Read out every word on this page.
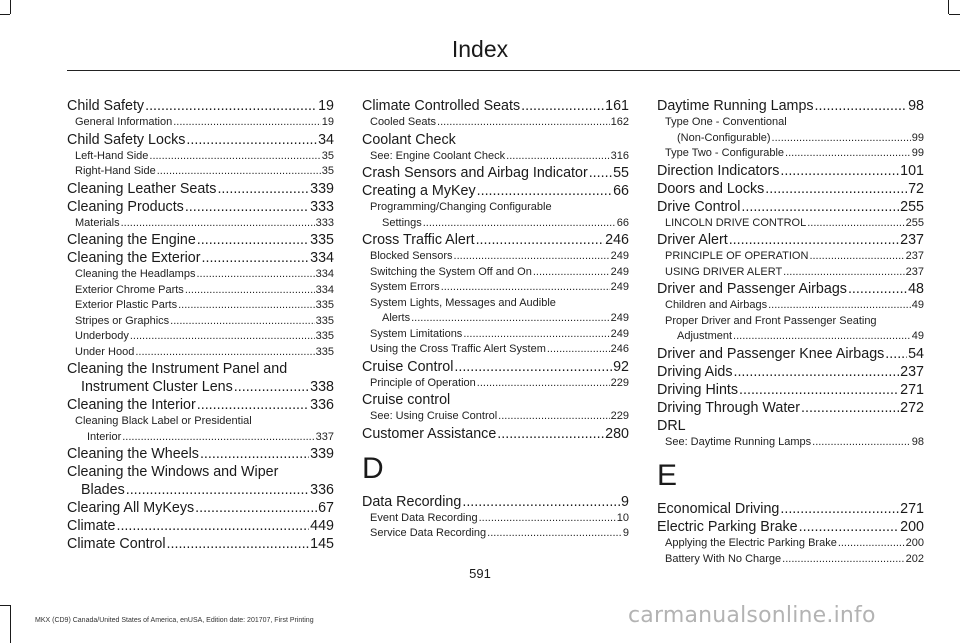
Index
Child Safety .....	19
General Information .....	19
Child Safety Locks .....	34
Left-Hand Side .....	35
Right-Hand Side .....	35
Cleaning Leather Seats .....	339
Cleaning Products .....	333
Materials .....	333
Cleaning the Engine .....	335
Cleaning the Exterior .....	334
Cleaning the Headlamps .....	334
Exterior Chrome Parts .....	334
Exterior Plastic Parts .....	335
Stripes or Graphics .....	335
Underbody .....	335
Under Hood .....	335
Cleaning the Instrument Panel and
Instrument Cluster Lens .....	338
Cleaning the Interior .....	336
Cleaning Black Label or Presidential
Interior .....	337
Cleaning the Wheels .....	339
Cleaning the Windows and Wiper
Blades .....	336
Clearing All MyKeys .....	67
Climate .....	449
Climate Control .....	145
Climate Controlled Seats .....	161
Cooled Seats .....	162
Coolant Check
See: Engine Coolant Check .....	316
Crash Sensors and Airbag Indicator .....	55
Creating a MyKey .....	66
Programming/Changing Configurable
Settings .....	66
Cross Traffic Alert .....	246
Blocked Sensors .....	249
Switching the System Off and On .....	249
System Errors .....	249
System Lights, Messages and Audible
Alerts .....	249
System Limitations .....	249
Using the Cross Traffic Alert System .....	246
Cruise Control .....	92
Principle of Operation .....	229
Cruise control
See: Using Cruise Control .....	229
Customer Assistance .....	280
D
Data Recording .....	9
Event Data Recording .....	10
Service Data Recording .....	9
Daytime Running Lamps .....	98
Type One - Conventional
(Non-Configurable) .....	99
Type Two - Configurable .....	99
Direction Indicators .....	101
Doors and Locks .....	72
Drive Control .....	255
LINCOLN DRIVE CONTROL .....	255
Driver Alert .....	237
PRINCIPLE OF OPERATION .....	237
USING DRIVER ALERT .....	237
Driver and Passenger Airbags .....	48
Children and Airbags .....	49
Proper Driver and Front Passenger Seating
Adjustment .....	49
Driver and Passenger Knee Airbags .....	54
Driving Aids .....	237
Driving Hints .....	271
Driving Through Water .....	272
DRL
See: Daytime Running Lamps .....	98
E
Economical Driving .....	271
Electric Parking Brake .....	200
Applying the Electric Parking Brake .....	200
Battery With No Charge .....	202
591
MKX (CD9) Canada/United States of America, enUSA, Edition date: 201707, First Printing	carmanualsonline.info
